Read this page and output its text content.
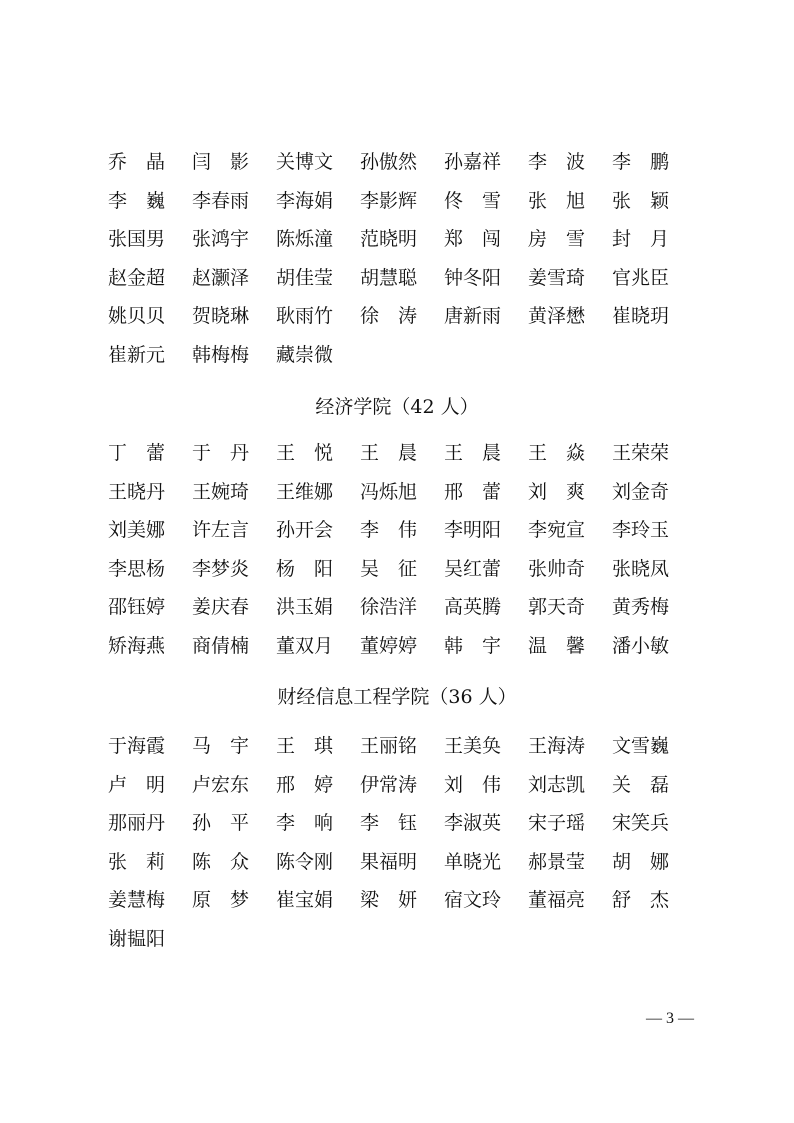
乔晶 闫影 关博文	孙傲然	孙嘉祥	李波 李鹏
李巍 李春雨	李海娟	李影辉	佟雪 张旭 张颖
张国男	张鸿宇	陈烁潼	范晓明	郑闯 房雪 封月
赵金超	赵灏泽	胡佳莹	胡慧聪	钟冬阳	姜雪琦	官兆臣
姚贝贝	贺晓琳	耿雨竹	徐涛 唐新雨	黄泽懋	崔晓玥
崔新元	韩梅梅	藏崇微
经济学院（42 人）
丁蕾 于丹 王悦 王晨 王晨 王焱 王荣荣
王晓丹	王婉琦	王维娜	冯烁旭	邢蕾 刘爽 刘金奇
刘美娜	许左言	孙开会	李伟 李明阳	李宛宣	李玲玉
李思杨	李梦炎	杨阳 吴征 吴红蕾	张帅奇	张晓凤
邵钰婷	姜庆春	洪玉娟	徐浩洋	高英腾	郭天奇	黄秀梅
矫海燕	商倩楠	董双月	董婷婷	韩宇 温馨 潘小敏
财经信息工程学院（36 人）
于海霞	马宇 王琪 王丽铭	王美奂	王海涛	文雪巍
卢明 卢宏东	邢婷 伊常涛	刘伟 刘志凯	关磊
那丽丹	孙平 李响 李钰 李淑英	宋子瑶	宋笑兵
张莉 陈众 陈令刚	果福明	单晓光	郝景莹	胡娜
姜慧梅	原梦 崔宝娟	梁妍 宿文玲	董福亮	舒杰
谢韫阳
— 3 —
